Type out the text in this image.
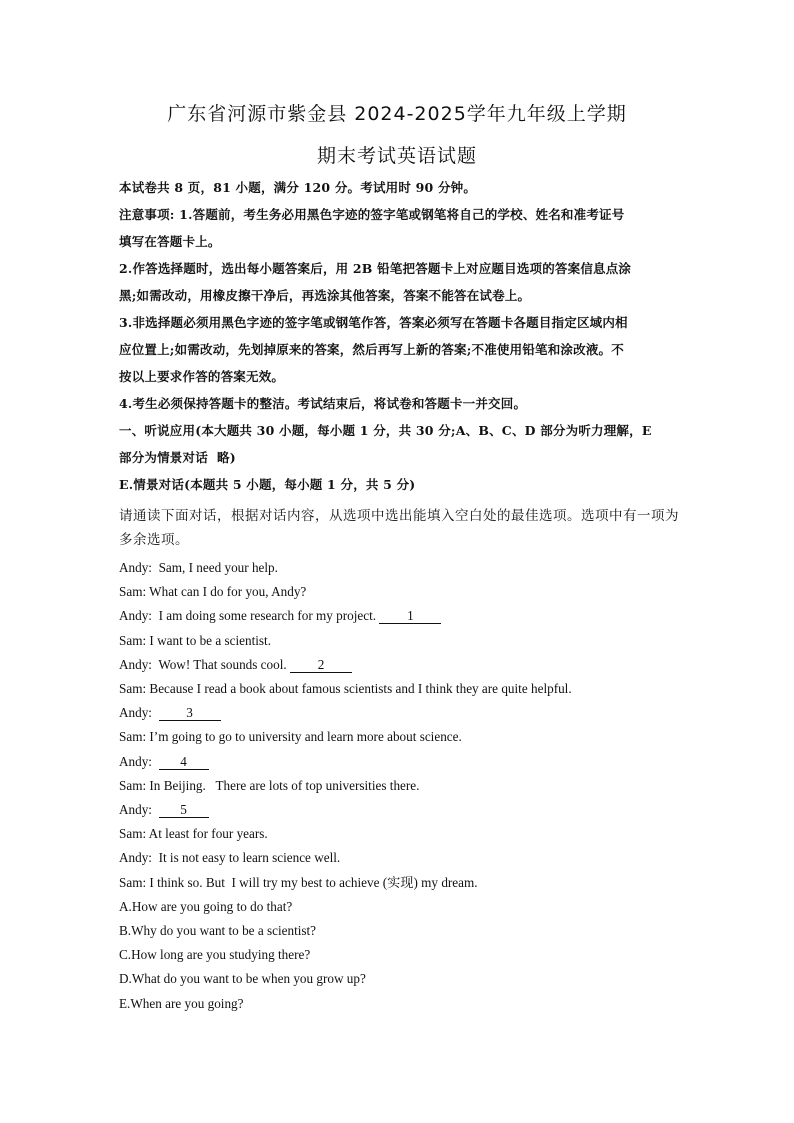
广东省河源市紫金县 2024-2025学年九年级上学期
期末考试英语试题
本试卷共 8 页，81 小题，满分 120 分。考试用时 90 分钟。
注意事项: 1.答题前，考生务必用黑色字迹的签字笔或钢笔将自己的学校、姓名和准考证号
填写在答题卡上。
2.作答选择题时，选出每小题答案后，用 2B 铅笔把答题卡上对应题目选项的答案信息点涂
黑;如需改动，用橡皮擦干净后，再选涂其他答案，答案不能答在试卷上。
3.非选择题必须用黑色字迹的签字笔或钢笔作答，答案必须写在答题卡各题目指定区域内相
应位置上;如需改动，先划掉原来的答案，然后再写上新的答案;不准使用铅笔和涂改液。不
按以上要求作答的答案无效。
4.考生必须保持答题卡的整洁。考试结束后，将试卷和答题卡一并交回。
一、听说应用(本大题共 30 小题，每小题 1 分，共 30 分;A、B、C、D 部分为听力理解，E
部分为情景对话  略)
E.情景对话(本题共 5 小题，每小题 1 分，共 5 分)
请通读下面对话，根据对话内容，从选项中选出能填入空白处的最佳选项。选项中有一项为
多余选项。
Andy:  Sam, I need your help.
Sam: What can I do for you, Andy?
Andy:  I am doing some research for my project. 1
Sam: I want to be a scientist.
Andy:  Wow! That sounds cool. 2
Sam: Because I read a book about famous scientists and I think they are quite helpful.
Andy:  3
Sam: I’m going to go to university and learn more about science.
Andy:  4
Sam: In Beijing.   There are lots of top universities there.
Andy:  5
Sam: At least for four years.
Andy:  It is not easy to learn science well.
Sam: I think so. But  I will try my best to achieve (实现) my dream.
A.How are you going to do that?
B.Why do you want to be a scientist?
C.How long are you studying there?
D.What do you want to be when you grow up?
E.When are you going?
